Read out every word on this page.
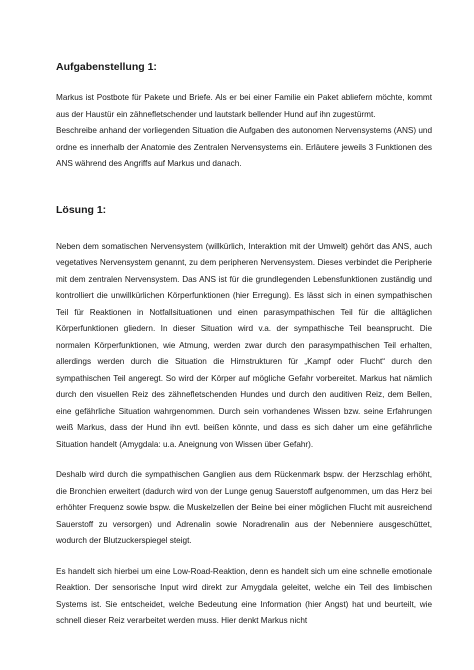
Aufgabenstellung 1:

Markus ist Postbote für Pakete und Briefe. Als er bei einer Familie ein Paket abliefern möchte, kommt aus der Haustür ein zähnefletschender und lautstark bellender Hund auf ihn zugestürmt.

Beschreibe anhand der vorliegenden Situation die Aufgaben des autonomen Nervensystems (ANS) und ordne es innerhalb der Anatomie des Zentralen Nervensystems ein. Erläutere jeweils 3 Funktionen des ANS während des Angriffs auf Markus und danach.

Lösung 1:

Neben dem somatischen Nervensystem (willkürlich, Interaktion mit der Umwelt) gehört das ANS, auch vegetatives Nervensystem genannt, zu dem peripheren Nervensystem. Dieses verbindet die Peripherie mit dem zentralen Nervensystem. Das ANS ist für die grundlegenden Lebensfunktionen zuständig und kontrolliert die unwillkürlichen Körperfunktionen (hier Erregung). Es lässt sich in einen sympathischen Teil für Reaktionen in Notfallsituationen und einen parasympathischen Teil für die alltäglichen Körperfunktionen gliedern. In dieser Situation wird v.a. der sympathische Teil beansprucht. Die normalen Körperfunktionen, wie Atmung, werden zwar durch den parasympathischen Teil erhalten, allerdings werden durch die Situation die Hirnstrukturen für „Kampf oder Flucht“ durch den sympathischen Teil angeregt. So wird der Körper auf mögliche Gefahr vorbereitet. Markus hat nämlich durch den visuellen Reiz des zähnefletschenden Hundes und durch den auditiven Reiz, dem Bellen, eine gefährliche Situation wahrgenommen. Durch sein vorhandenes Wissen bzw. seine Erfahrungen weiß Markus, dass der Hund ihn evtl. beißen könnte, und dass es sich daher um eine gefährliche Situation handelt (Amygdala: u.a. Aneignung von Wissen über Gefahr).

Deshalb wird durch die sympathischen Ganglien aus dem Rückenmark bspw. der Herzschlag erhöht, die Bronchien erweitert (dadurch wird von der Lunge genug Sauerstoff aufgenommen, um das Herz bei erhöhter Frequenz sowie bspw. die Muskelzellen der Beine bei einer möglichen Flucht mit ausreichend Sauerstoff zu versorgen) und Adrenalin sowie Noradrenalin aus der Nebenniere ausgeschüttet, wodurch der Blutzuckerspiegel steigt.

Es handelt sich hierbei um eine Low-Road-Reaktion, denn es handelt sich um eine schnelle emotionale Reaktion. Der sensorische Input wird direkt zur Amygdala geleitet, welche ein Teil des limbischen Systems ist. Sie entscheidet, welche Bedeutung eine Information (hier Angst) hat und beurteilt, wie schnell dieser Reiz verarbeitet werden muss. Hier denkt Markus nicht
